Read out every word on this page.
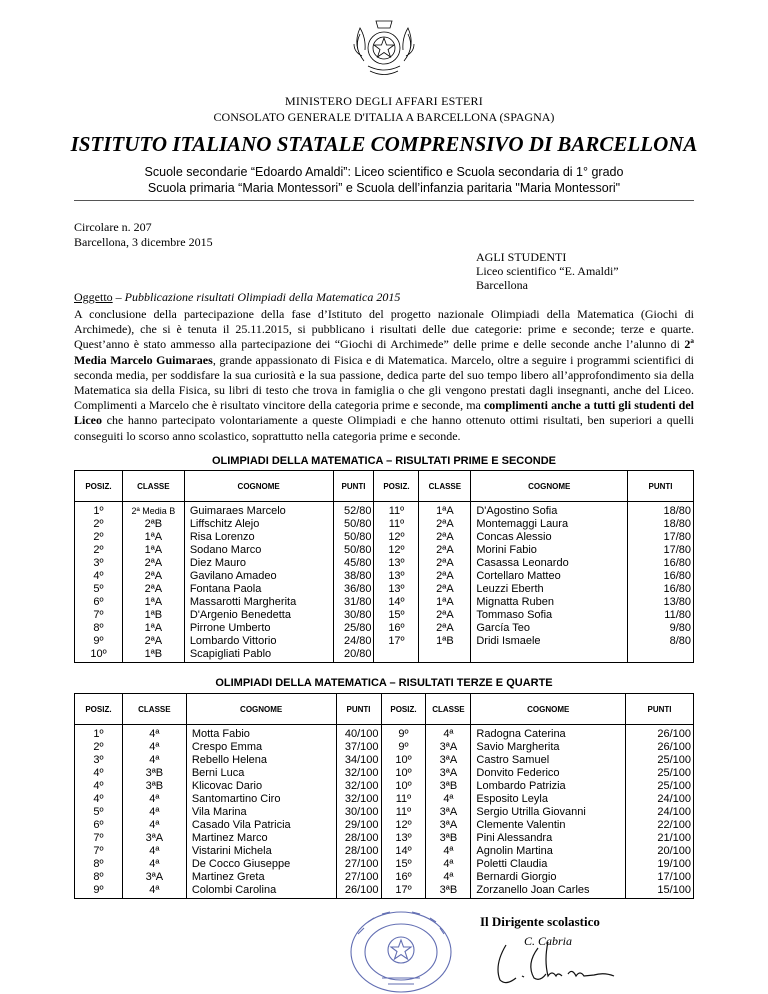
MINISTERO DEGLI AFFARI ESTERI
CONSOLATO GENERALE D'ITALIA A BARCELLONA (SPAGNA)
ISTITUTO ITALIANO STATALE COMPRENSIVO DI BARCELLONA
Scuole secondarie “Edoardo Amaldi”: Liceo scientifico e Scuola secondaria di 1° grado
Scuola primaria “Maria Montessori” e Scuola dell’infanzia paritaria "Maria Montessori"
Circolare n. 207
Barcellona, 3 dicembre 2015
AGLI STUDENTI
Liceo scientifico “E. Amaldi”
Barcellona
Oggetto – Pubblicazione risultati Olimpiadi della Matematica 2015
A conclusione della partecipazione della fase d’Istituto del progetto nazionale Olimpiadi della Matematica (Giochi di Archimede), che si è tenuta il 25.11.2015, si pubblicano i risultati delle due categorie: prime e seconde; terze e quarte. Quest’anno è stato ammesso alla partecipazione dei “Giochi di Archimede” delle prime e delle seconde anche l’alunno di 2ª Media Marcelo Guimaraes, grande appassionato di Fisica e di Matematica. Marcelo, oltre a seguire i programmi scientifici di seconda media, per soddisfare la sua curiosità e la sua passione, dedica parte del suo tempo libero all’approfondimento sia della Matematica sia della Fisica, su libri di testo che trova in famiglia o che gli vengono prestati dagli insegnanti, anche del Liceo. Complimenti a Marcelo che è risultato vincitore della categoria prime e seconde, ma complimenti anche a tutti gli studenti del Liceo che hanno partecipato volontariamente a queste Olimpiadi e che hanno ottenuto ottimi risultati, ben superiori a quelli conseguiti lo scorso anno scolastico, soprattutto nella categoria prime e seconde.
OLIMPIADI DELLA MATEMATICA – RISULTATI PRIME E SECONDE
POSIZ.	CLASSE	COGNOME	PUNTI	POSIZ.	CLASSE	COGNOME	PUNTI
1º	2ª Media B	Guimaraes Marcelo	52/80	11º	1ªA	D'Agostino Sofia	18/80
2º	2ªB	Liffschitz Alejo	50/80	11º	2ªA	Montemaggi Laura	18/80
2º	1ªA	Risa Lorenzo	50/80	12º	2ªA	Concas Alessio	17/80
2º	1ªA	Sodano Marco	50/80	12º	2ªA	Morini Fabio	17/80
3º	2ªA	Diez Mauro	45/80	13º	2ªA	Casassa Leonardo	16/80
4º	2ªA	Gavilano Amadeo	38/80	13º	2ªA	Cortellaro Matteo	16/80
5º	2ªA	Fontana Paola	36/80	13º	2ªA	Leuzzi Eberth	16/80
6º	1ªA	Massarotti Margherita	31/80	14º	1ªA	Mignatta Ruben	13/80
7º	1ªB	D'Argenio Benedetta	30/80	15º	2ªA	Tommaso Sofia	11/80
8º	1ªA	Pirrone Umberto	25/80	16º	2ªA	García Teo	9/80
9º	2ªA	Lombardo Vittorio	24/80	17º	1ªB	Dridi Ismaele	8/80
10º	1ªB	Scapigliati Pablo	20/80				
OLIMPIADI DELLA MATEMATICA – RISULTATI TERZE E QUARTE
POSIZ.	CLASSE	COGNOME	PUNTI	POSIZ.	CLASSE	COGNOME	PUNTI
1º	4ª	Motta Fabio	40/100	9º	4ª	Radogna Caterina	26/100
2º	4ª	Crespo Emma	37/100	9º	3ªA	Savio Margherita	26/100
3º	4ª	Rebello Helena	34/100	10º	3ªA	Castro Samuel	25/100
4º	3ªB	Berni Luca	32/100	10º	3ªA	Donvito Federico	25/100
4º	3ªB	Klicovac Dario	32/100	10º	3ªB	Lombardo Patrizia	25/100
4º	4ª	Santomartino Ciro	32/100	11º	4ª	Esposito Leyla	24/100
5º	4ª	Vila Marina	30/100	11º	3ªA	Sergio Utrilla Giovanni	24/100
6º	4ª	Casado Vila Patricia	29/100	12º	3ªA	Clemente Valentin	22/100
7º	3ªA	Martinez Marco	28/100	13º	3ªB	Pini Alessandra	21/100
7º	4ª	Vistarini Michela	28/100	14º	4ª	Agnolin Martina	20/100
8º	4ª	De Cocco Giuseppe	27/100	15º	4ª	Poletti Claudia	19/100
8º	3ªA	Martinez Greta	27/100	16º	4ª	Bernardi Giorgio	17/100
9º	4ª	Colombi Carolina	26/100	17º	3ªB	Zorzanello Joan Carles	15/100
Il Dirigente scolastico
C. Cabria
